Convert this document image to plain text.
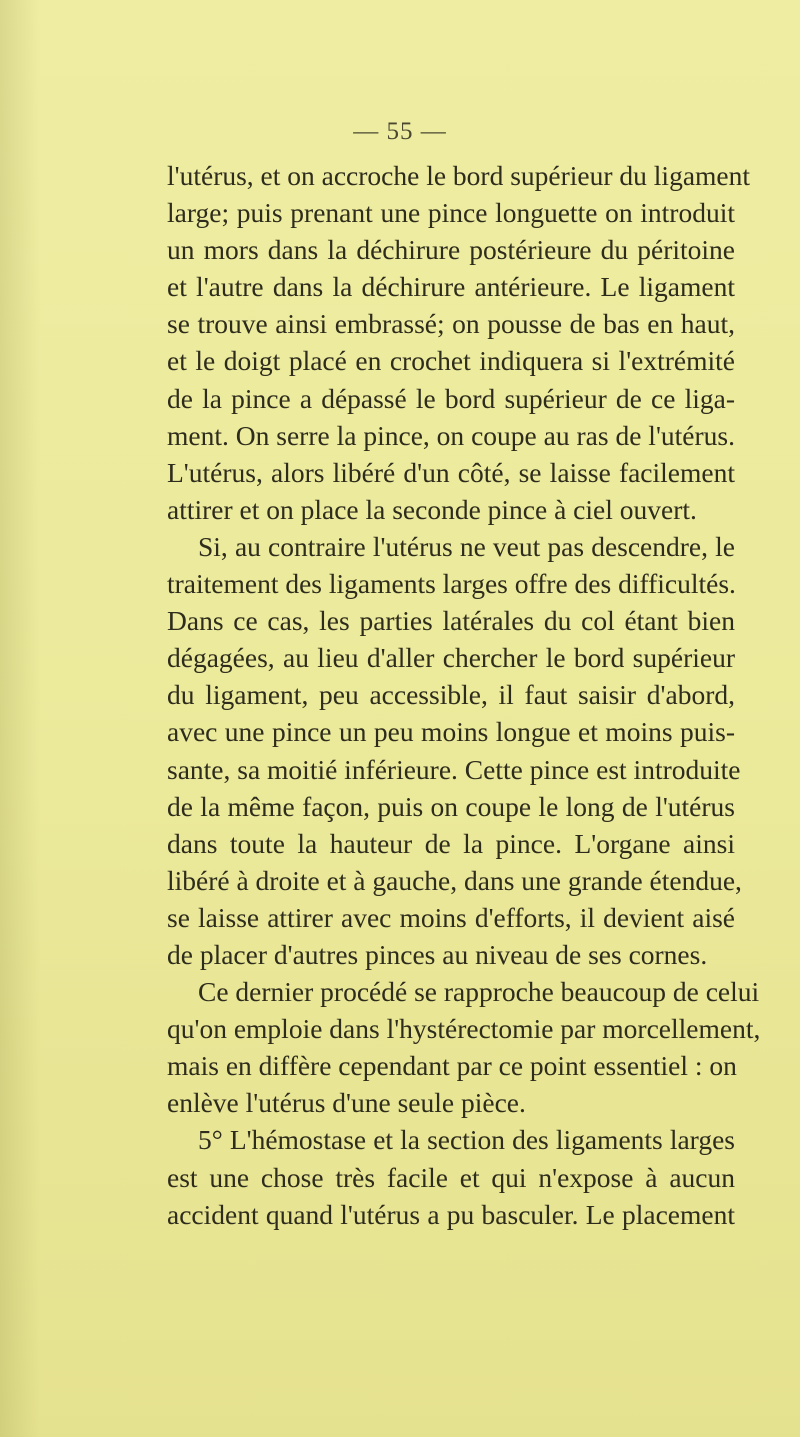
— 55 —
l'utérus, et on accroche le bord supérieur du ligament
large; puis prenant une pince longuette on introduit
un mors dans la déchirure postérieure du péritoine
et l'autre dans la déchirure antérieure. Le ligament
se trouve ainsi embrassé; on pousse de bas en haut,
et le doigt placé en crochet indiquera si l'extrémité
de la pince a dépassé le bord supérieur de ce liga-
ment. On serre la pince, on coupe au ras de l'utérus.
L'utérus, alors libéré d'un côté, se laisse facilement
attirer et on place la seconde pince à ciel ouvert.
Si, au contraire l'utérus ne veut pas descendre, le
traitement des ligaments larges offre des difficultés.
Dans ce cas, les parties latérales du col étant bien
dégagées, au lieu d'aller chercher le bord supérieur
du ligament, peu accessible, il faut saisir d'abord,
avec une pince un peu moins longue et moins puis-
sante, sa moitié inférieure. Cette pince est introduite
de la même façon, puis on coupe le long de l'utérus
dans toute la hauteur de la pince. L'organe ainsi
libéré à droite et à gauche, dans une grande étendue,
se laisse attirer avec moins d'efforts, il devient aisé
de placer d'autres pinces au niveau de ses cornes.
Ce dernier procédé se rapproche beaucoup de celui
qu'on emploie dans l'hystérectomie par morcellement,
mais en diffère cependant par ce point essentiel : on
enlève l'utérus d'une seule pièce.
5° L'hémostase et la section des ligaments larges
est une chose très facile et qui n'expose à aucun
accident quand l'utérus a pu basculer. Le placement
